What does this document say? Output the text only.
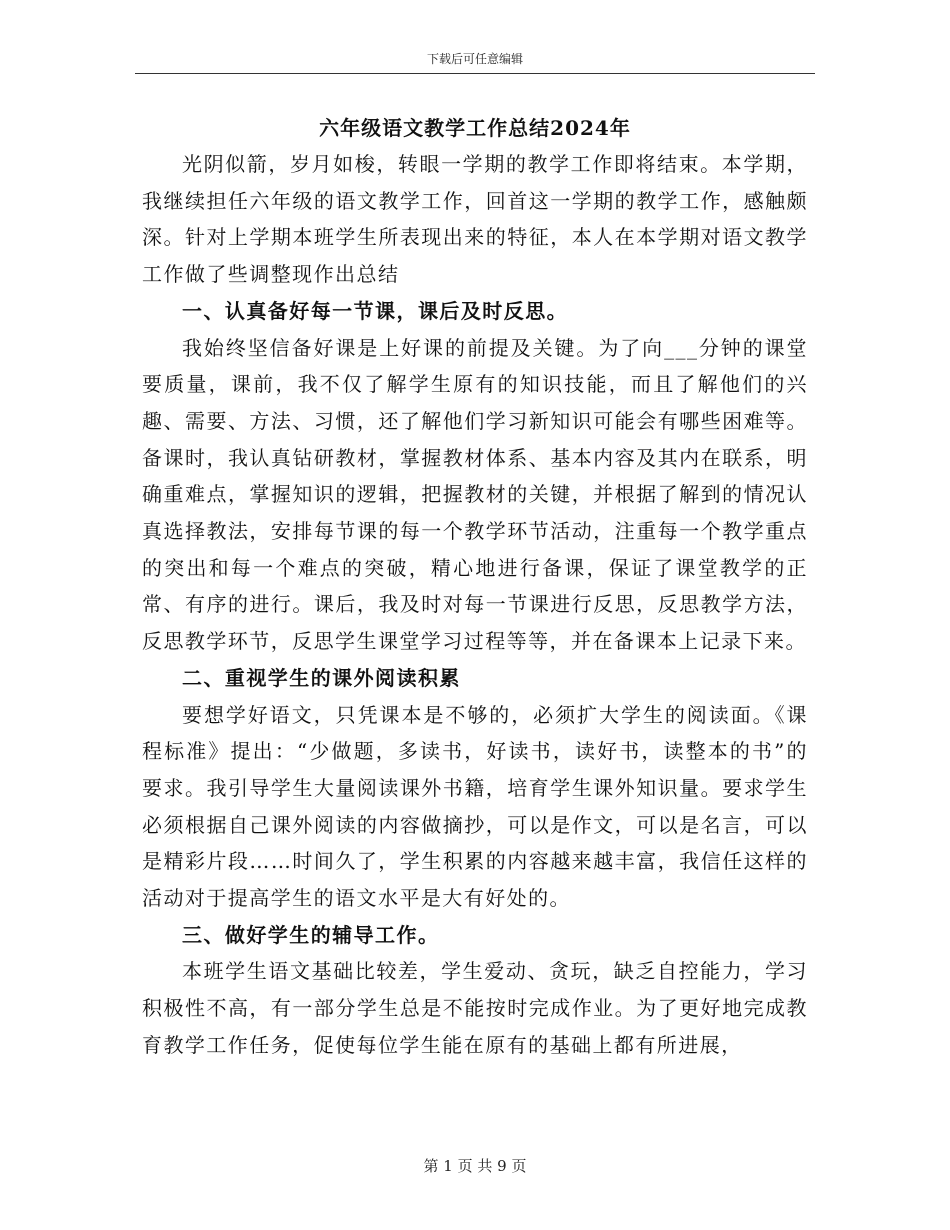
下载后可任意编辑
六年级语文教学工作总结2024年

光阴似箭，岁月如梭，转眼一学期的教学工作即将结束。本学期，我继续担任六年级的语文教学工作，回首这一学期的教学工作，感触颇深。针对上学期本班学生所表现出来的特征，本人在本学期对语文教学工作做了些调整现作出总结

一、认真备好每一节课，课后及时反思。

我始终坚信备好课是上好课的前提及关键。为了向___分钟的课堂要质量，课前，我不仅了解学生原有的知识技能，而且了解他们的兴趣、需要、方法、习惯，还了解他们学习新知识可能会有哪些困难等。备课时，我认真钻研教材，掌握教材体系、基本内容及其内在联系，明确重难点，掌握知识的逻辑，把握教材的关键，并根据了解到的情况认真选择教法，安排每节课的每一个教学环节活动，注重每一个教学重点的突出和每一个难点的突破，精心地进行备课，保证了课堂教学的正常、有序的进行。课后，我及时对每一节课进行反思，反思教学方法，反思教学环节，反思学生课堂学习过程等等，并在备课本上记录下来。

二、重视学生的课外阅读积累

要想学好语文，只凭课本是不够的，必须扩大学生的阅读面。《课程标准》提出：“少做题，多读书，好读书，读好书，读整本的书”的要求。我引导学生大量阅读课外书籍，培育学生课外知识量。要求学生必须根据自己课外阅读的内容做摘抄，可以是作文，可以是名言，可以是精彩片段……时间久了，学生积累的内容越来越丰富，我信任这样的活动对于提高学生的语文水平是大有好处的。

三、做好学生的辅导工作。

本班学生语文基础比较差，学生爱动、贪玩，缺乏自控能力，学习积极性不高，有一部分学生总是不能按时完成作业。为了更好地完成教育教学工作任务，促使每位学生能在原有的基础上都有所进展，

第 1 页 共 9 页
